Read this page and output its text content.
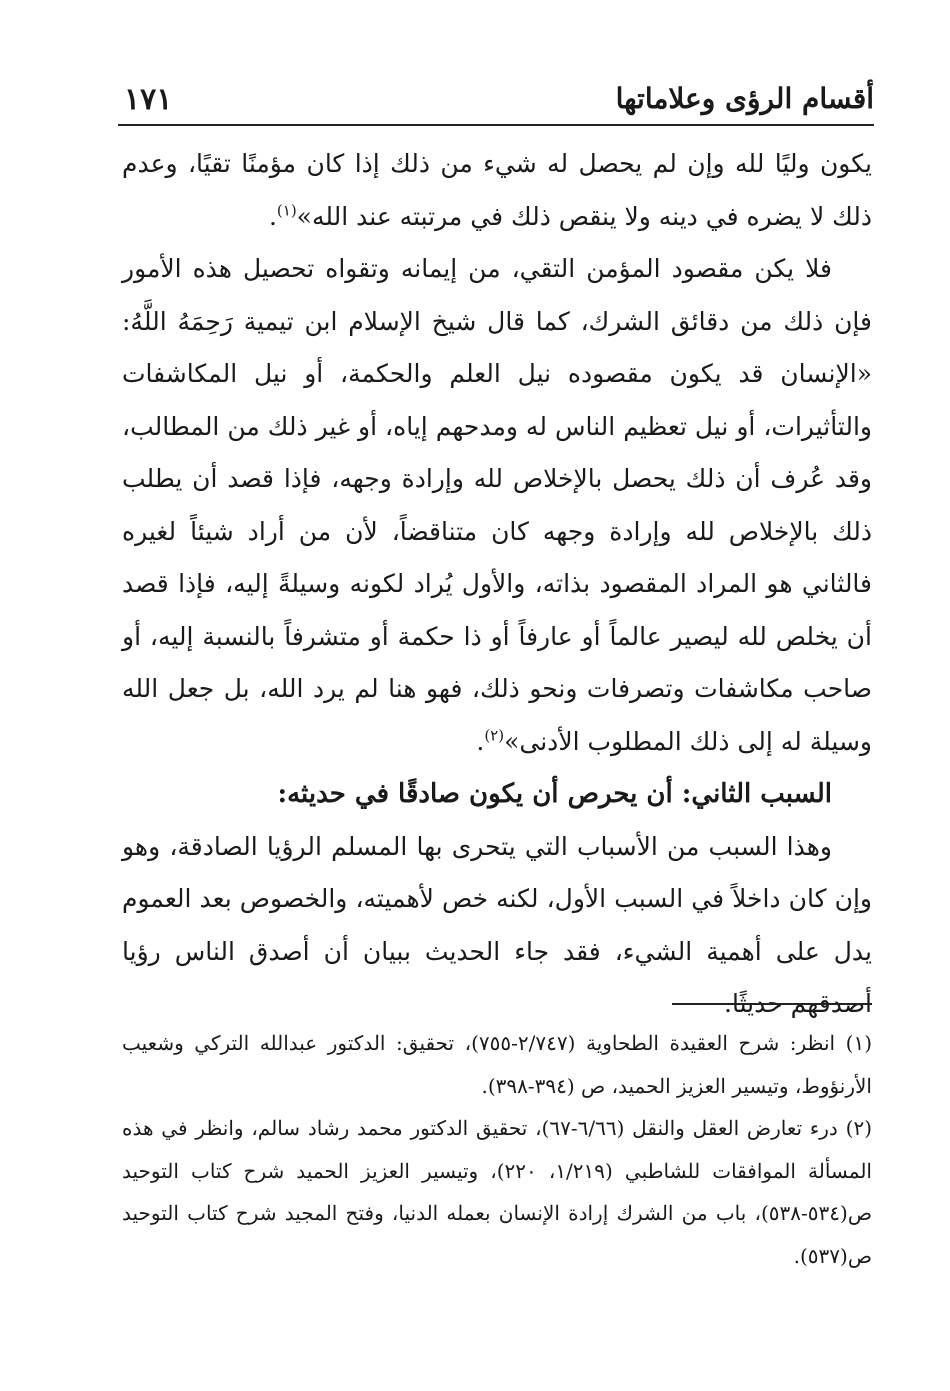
أقسام الرؤى وعلاماتها
١٧١

يكون وليًا لله وإن لم يحصل له شيء من ذلك إذا كان مؤمنًا تقيًا، وعدم ذلك لا يضره في دينه ولا ينقص ذلك في مرتبته عند الله»$^{(١)}$.

فلا يكن مقصود المؤمن التقي، من إيمانه وتقواه تحصيل هذه الأمور فإن ذلك من دقائق الشرك، كما قال شيخ الإسلام ابن تيمية رَحِمَهُ اللَّهُ: «الإنسان قد يكون مقصوده نيل العلم والحكمة، أو نيل المكاشفات والتأثيرات، أو نيل تعظيم الناس له ومدحهم إياه، أو غير ذلك من المطالب، وقد عُرف أن ذلك يحصل بالإخلاص لله وإرادة وجهه، فإذا قصد أن يطلب ذلك بالإخلاص لله وإرادة وجهه كان متناقضاً، لأن من أراد شيئاً لغيره فالثاني هو المراد المقصود بذاته، والأول يُراد لكونه وسيلةً إليه، فإذا قصد أن يخلص لله ليصير عالماً أو عارفاً أو ذا حكمة أو متشرفاً بالنسبة إليه، أو صاحب مكاشفات وتصرفات ونحو ذلك، فهو هنا لم يرد الله، بل جعل الله وسيلة له إلى ذلك المطلوب الأدنى»$^{(٢)}$.

السبب الثاني: أن يحرص أن يكون صادقًا في حديثه:

وهذا السبب من الأسباب التي يتحرى بها المسلم الرؤيا الصادقة، وهو وإن كان داخلاً في السبب الأول، لكنه خص لأهميته، والخصوص بعد العموم يدل على أهمية الشيء، فقد جاء الحديث ببيان أن أصدق الناس رؤيا أصدقهم حديثًا.

(١) انظر: شرح العقيدة الطحاوية (٢/٧٤٧-٧٥٥)، تحقيق: الدكتور عبدالله التركي وشعيب الأرنؤوط، وتيسير العزيز الحميد، ص (٣٩٤-٣٩٨).

(٢) درء تعارض العقل والنقل (٦/٦٦-٦٧)، تحقيق الدكتور محمد رشاد سالم، وانظر في هذه المسألة الموافقات للشاطبي (١/٢١٩، ٢٢٠)، وتيسير العزيز الحميد شرح كتاب التوحيد ص(٥٣٤-٥٣٨)، باب من الشرك إرادة الإنسان بعمله الدنيا، وفتح المجيد شرح كتاب التوحيد ص(٥٣٧).
